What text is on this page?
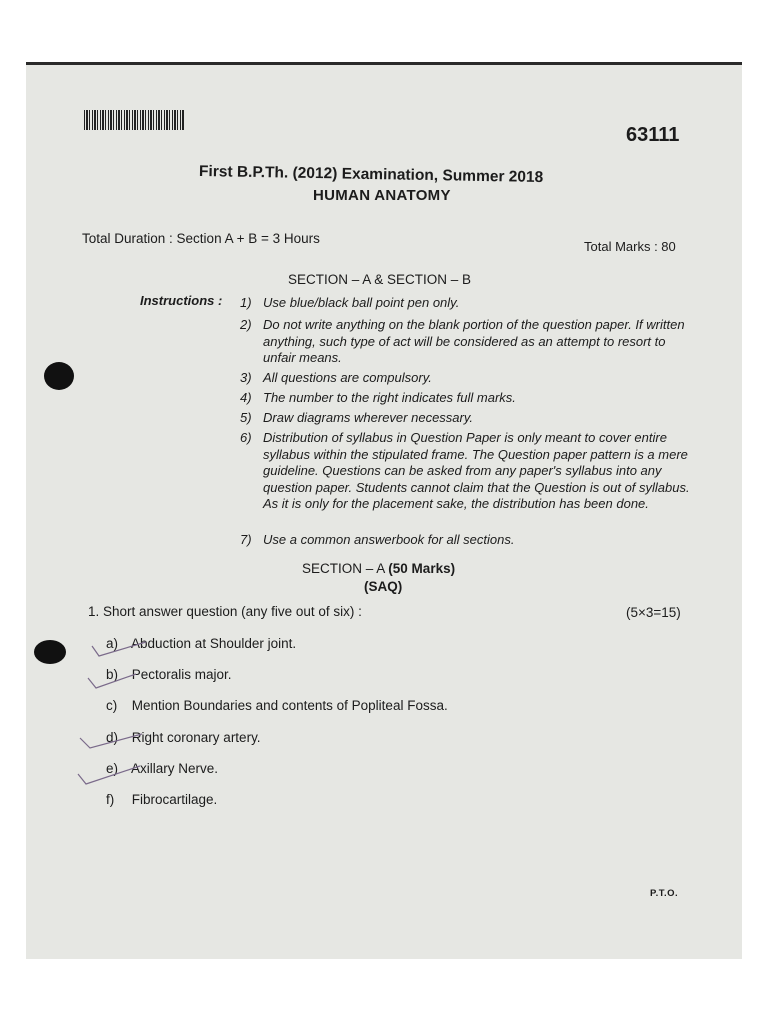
63111
First B.P.Th. (2012) Examination, Summer 2018
HUMAN ANATOMY
Total Duration : Section A + B = 3 Hours
Total Marks : 80
SECTION – A & SECTION – B
Instructions : 1) Use blue/black ball point pen only.
2) Do not write anything on the blank portion of the question paper. If written anything, such type of act will be considered as an attempt to resort to unfair means.
3) All questions are compulsory.
4) The number to the right indicates full marks.
5) Draw diagrams wherever necessary.
6) Distribution of syllabus in Question Paper is only meant to cover entire syllabus within the stipulated frame. The Question paper pattern is a mere guideline. Questions can be asked from any paper's syllabus into any question paper. Students cannot claim that the Question is out of syllabus. As it is only for the placement sake, the distribution has been done.
7) Use a common answerbook for all sections.
SECTION – A (50 Marks)
(SAQ)
1. Short answer question (any five out of six) :	(5×3=15)
a) Abduction at Shoulder joint.
b) Pectoralis major.
c) Mention Boundaries and contents of Popliteal Fossa.
d) Right coronary artery.
e) Axillary Nerve.
f) Fibrocartilage.
P.T.O.
